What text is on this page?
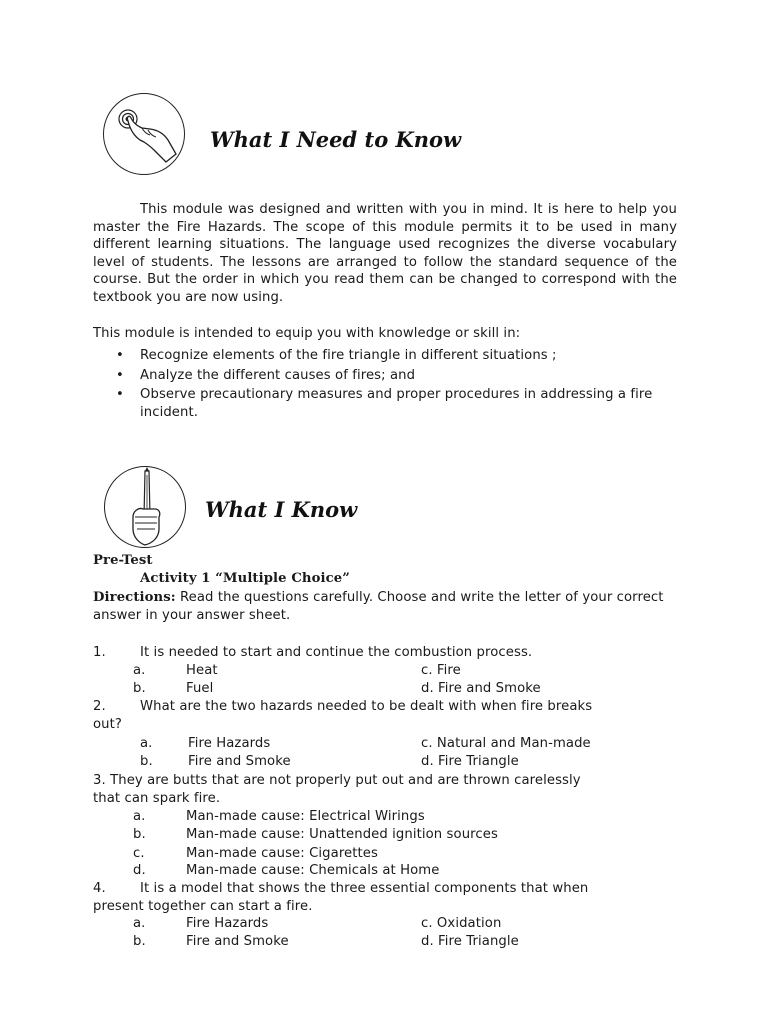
What I Need to Know
This module was designed and written with you in mind. It is here to help you master the Fire Hazards. The scope of this module permits it to be used in many different learning situations. The language used recognizes the diverse vocabulary level of students. The lessons are arranged to follow the standard sequence of the course. But the order in which you read them can be changed to correspond with the textbook you are now using.
This module is intended to equip you with knowledge or skill in:
• Recognize elements of the fire triangle in different situations ;
• Analyze the different causes of fires; and
• Observe precautionary measures and proper procedures in addressing a fire incident.
What I Know
Pre-Test
Activity 1 “Multiple Choice”
Directions: Read the questions carefully. Choose and write the letter of your correct answer in your answer sheet.
1.	It is needed to start and continue the combustion process.
a.	Heat	c. Fire
b.	Fuel	d. Fire and Smoke
2.	What are the two hazards needed to be dealt with when fire breaks
out?
a.	Fire Hazards	c. Natural and Man-made
b.	Fire and Smoke	d. Fire Triangle
3. They are butts that are not properly put out and are thrown carelessly
that can spark fire.
a.	Man-made cause: Electrical Wirings
b.	Man-made cause: Unattended ignition sources
c.	Man-made cause: Cigarettes
d.	Man-made cause: Chemicals at Home
4.	It is a model that shows the three essential components that when
present together can start a fire.
a.	Fire Hazards	c. Oxidation
b.	Fire and Smoke	d. Fire Triangle
